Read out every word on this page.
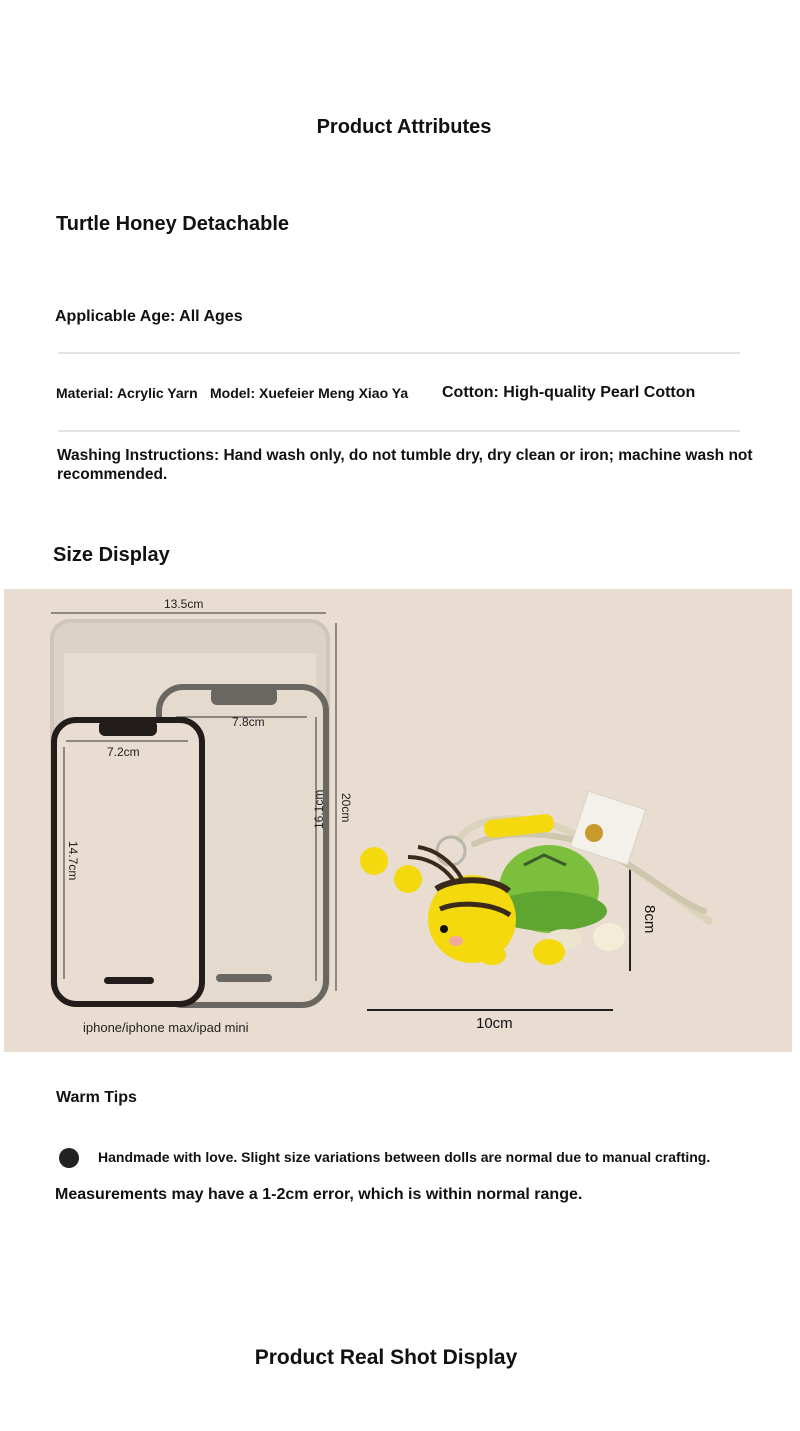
Product Attributes
Turtle Honey Detachable
Applicable Age: All Ages
Material: Acrylic Yarn Model: Xuefeier Meng Xiao Ya Cotton: High-quality Pearl Cotton
Washing Instructions: Hand wash only, do not tumble dry, dry clean or iron; machine wash not recommended.
Size Display
13.5cm
20cm
7.8cm
16.1cm
7.2cm
14.7cm
iphone/iphone max/ipad mini	10cm
8cm
Warm Tips
Handmade with love. Slight size variations between dolls are normal due to manual crafting.
Measurements may have a 1-2cm error, which is within normal range.
Product Real Shot Display
